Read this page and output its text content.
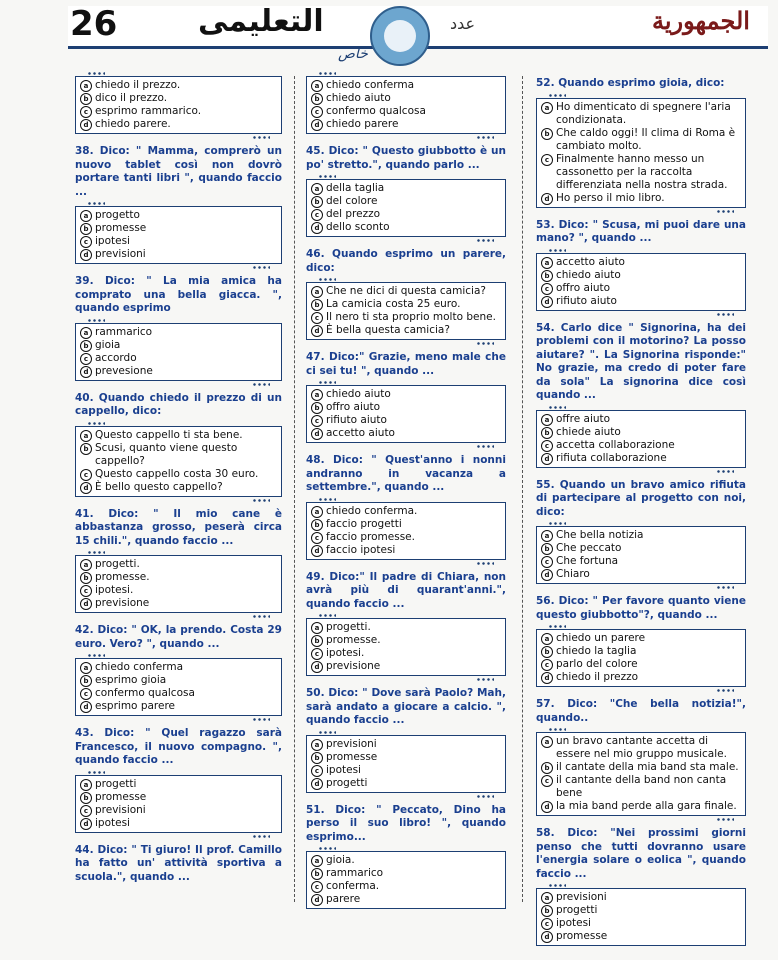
26	التعليمى	عدد	الجمهورية
خاص
a chiedo il prezzo.
b dico il prezzo.
c esprimo rammarico.
d chiedo parere.
38. Dico: " Mamma, comprerò un nuovo tablet così non dovrò portare tanti libri ", quando faccio ...
a progetto
b promesse
c ipotesi
d previsioni
39. Dico: " La mia amica ha comprato una bella giacca. ", quando esprimo
a rammarico
b gioia
c accordo
d prevesione
40. Quando chiedo il prezzo di un cappello, dico:
a Questo cappello ti sta bene.
b Scusi, quanto viene questo cappello?
c Questo cappello costa 30 euro.
d È bello questo cappello?
41. Dico: " Il mio cane è abbastanza grosso, peserà circa 15 chili.", quando faccio ...
a progetti.
b promesse.
c ipotesi.
d previsione
42. Dico: " OK, la prendo. Costa 29 euro. Vero? ", quando ...
a chiedo conferma
b esprimo gioia
c confermo qualcosa
d esprimo parere
43. Dico: " Quel ragazzo sarà Francesco, il nuovo compagno. ", quando faccio ...
a progetti
b promesse
c previsioni
d ipotesi
44. Dico: " Ti giuro! Il prof. Camillo ha fatto un' attività sportiva a scuola.", quando ...
a chiedo conferma
b chiedo aiuto
c confermo qualcosa
d chiedo parere
45. Dico: " Questo giubbotto è un po' stretto.", quando parlo ...
a della taglia
b del colore
c del prezzo
d dello sconto
46. Quando esprimo un parere, dico:
a Che ne dici di questa camicia?
b La camicia costa 25 euro.
c Il nero ti sta proprio molto bene.
d È bella questa camicia?
47. Dico:" Grazie, meno male che ci sei tu! ", quando ...
a chiedo aiuto
b offro aiuto
c rifiuto aiuto
d accetto aiuto
48. Dico: " Quest'anno i nonni andranno in vacanza a settembre.", quando ...
a chiedo conferma.
b faccio progetti
c faccio promesse.
d faccio ipotesi
49. Dico:" Il padre di Chiara, non avrà più di quarant'anni.", quando faccio ...
a progetti.
b promesse.
c ipotesi.
d previsione
50. Dico: " Dove sarà Paolo? Mah, sarà andato a giocare a calcio. ", quando faccio ...
a previsioni
b promesse
c ipotesi
d progetti
51. Dico: " Peccato, Dino ha perso il suo libro! ", quando esprimo...
a gioia.
b rammarico
c conferma.
d parere
52. Quando esprimo gioia, dico:
a Ho dimenticato di spegnere l'aria condizionata.
b Che caldo oggi! Il clima di Roma è cambiato molto.
c Finalmente hanno messo un cassonetto per la raccolta differenziata nella nostra strada.
d Ho perso il mio libro.
53. Dico: " Scusa, mi puoi dare una mano? ", quando ...
a accetto aiuto
b chiedo aiuto
c offro aiuto
d rifiuto aiuto
54. Carlo dice " Signorina, ha dei problemi con il motorino? La posso aiutare? ". La Signorina risponde:" No grazie, ma credo di poter fare da sola" La signorina dice così quando ...
a offre aiuto
b chiede aiuto
c accetta collaborazione
d rifiuta collaborazione
55. Quando un bravo amico rifiuta di partecipare al progetto con noi, dico:
a Che bella notizia
b Che peccato
c Che fortuna
d Chiaro
56. Dico: " Per favore quanto viene questo giubbotto"?, quando ...
a chiedo un parere
b chiedo la taglia
c parlo del colore
d chiedo il prezzo
57. Dico: "Che bella notizia!", quando..
a un bravo cantante accetta di essere nel mio gruppo musicale.
b il cantate della mia band sta male.
c il cantante della band non canta bene
d la mia band perde alla gara finale.
58. Dico: "Nei prossimi giorni penso che tutti dovranno usare l'energia solare o eolica ", quando faccio ...
a previsioni
b progetti
c ipotesi
d promesse
